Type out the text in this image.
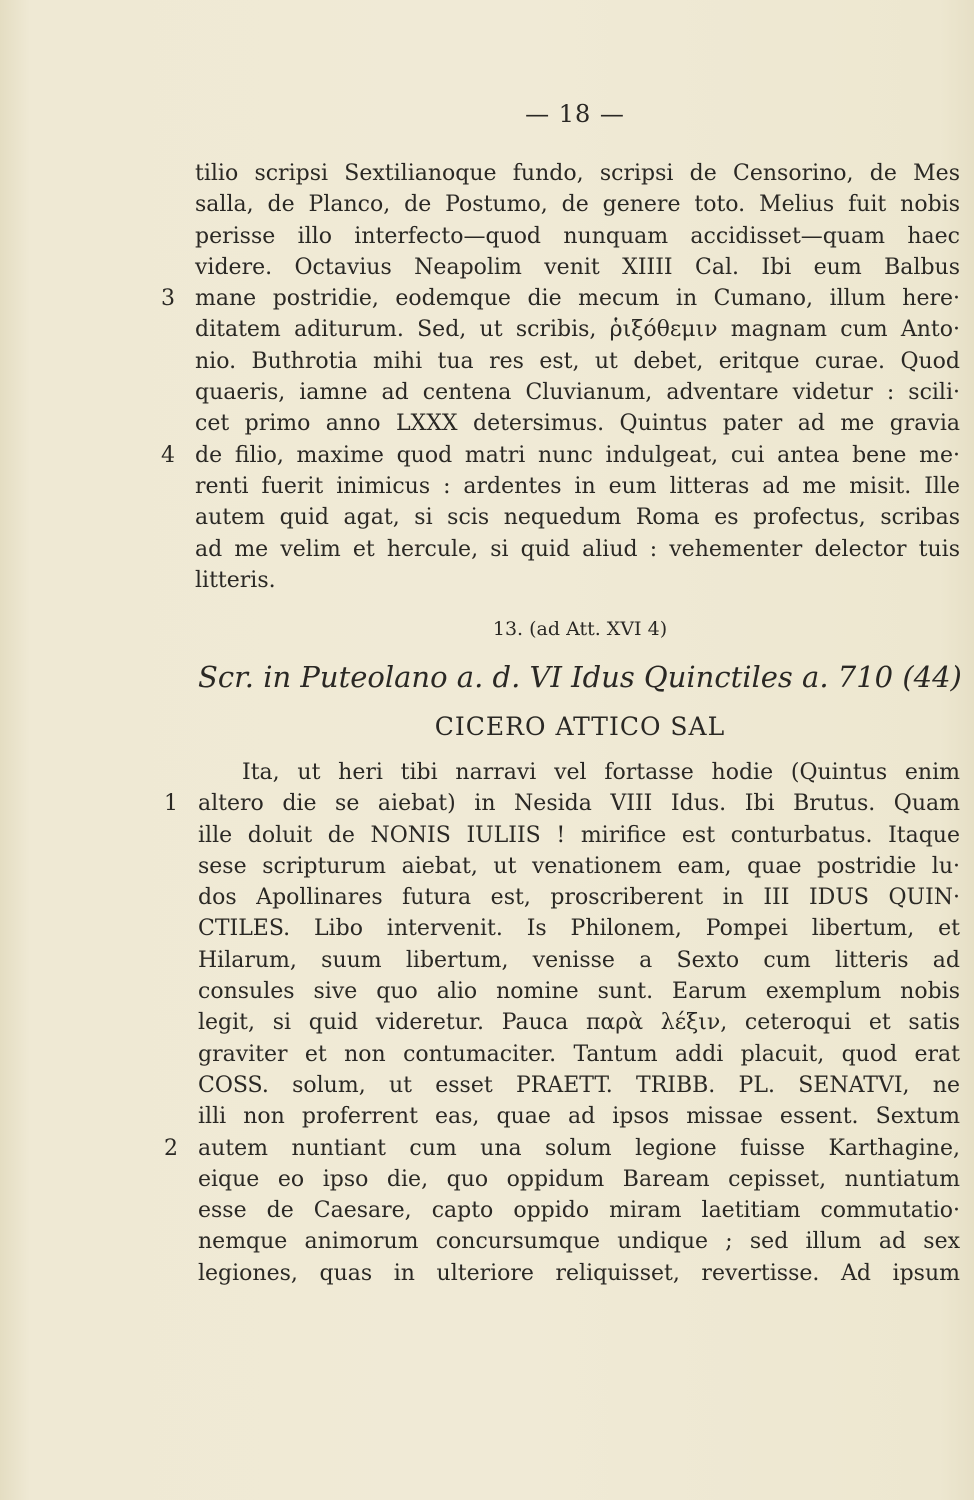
— 18 —
tilio scripsi Sextilianoque fundo, scripsi de Censorino, de Mes
salla, de Planco, de Postumo, de genere toto. Melius fuit nobis
perisse illo interfecto—quod nunquam accidisset—quam haec
videre. Octavius Neapolim venit XIIII Cal. Ibi eum Balbus
3 mane postridie, eodemque die mecum in Cumano, illum here·
ditatem aditurum. Sed, ut scribis, ῥιξόθεμιν magnam cum Anto·
nio. Buthrotia mihi tua res est, ut debet, eritque curae. Quod
quaeris, iamne ad centena Cluvianum, adventare videtur : scili·
cet primo anno LXXX detersimus. Quintus pater ad me gravia
4 de filio, maxime quod matri nunc indulgeat, cui antea bene me·
renti fuerit inimicus : ardentes in eum litteras ad me misit. Ille
autem quid agat, si scis nequedum Roma es profectus, scribas
ad me velim et hercule, si quid aliud : vehementer delector tuis
litteris.
13. (ad Att. XVI 4)
Scr. in Puteolano a. d. VI Idus Quinctiles a. 710 (44)
CICERO ATTICO SAL
Ita, ut heri tibi narravi vel fortasse hodie (Quintus enim
1 altero die se aiebat) in Nesida VIII Idus. Ibi Brutus. Quam
ille doluit de NONIS IULIIS ! mirifice est conturbatus. Itaque
sese scripturum aiebat, ut venationem eam, quae postridie lu·
dos Apollinares futura est, proscriberent in III IDUS QUIN·
CTILES. Libo intervenit. Is Philonem, Pompei libertum, et
Hilarum, suum libertum, venisse a Sexto cum litteris ad
consules sive quo alio nomine sunt. Earum exemplum nobis
legit, si quid videretur. Pauca παρὰ λέξιν, ceteroqui et satis
graviter et non contumaciter. Tantum addi placuit, quod erat
COSS. solum, ut esset PRAETT. TRIBB. PL. SENATVI, ne
illi non proferrent eas, quae ad ipsos missae essent. Sextum
2 autem nuntiant cum una solum legione fuisse Karthagine,
eique eo ipso die, quo oppidum Baream cepisset, nuntiatum
esse de Caesare, capto oppido miram laetitiam commutatio·
nemque animorum concursumque undique ; sed illum ad sex
legiones, quas in ulteriore reliquisset, revertisse. Ad ipsum
